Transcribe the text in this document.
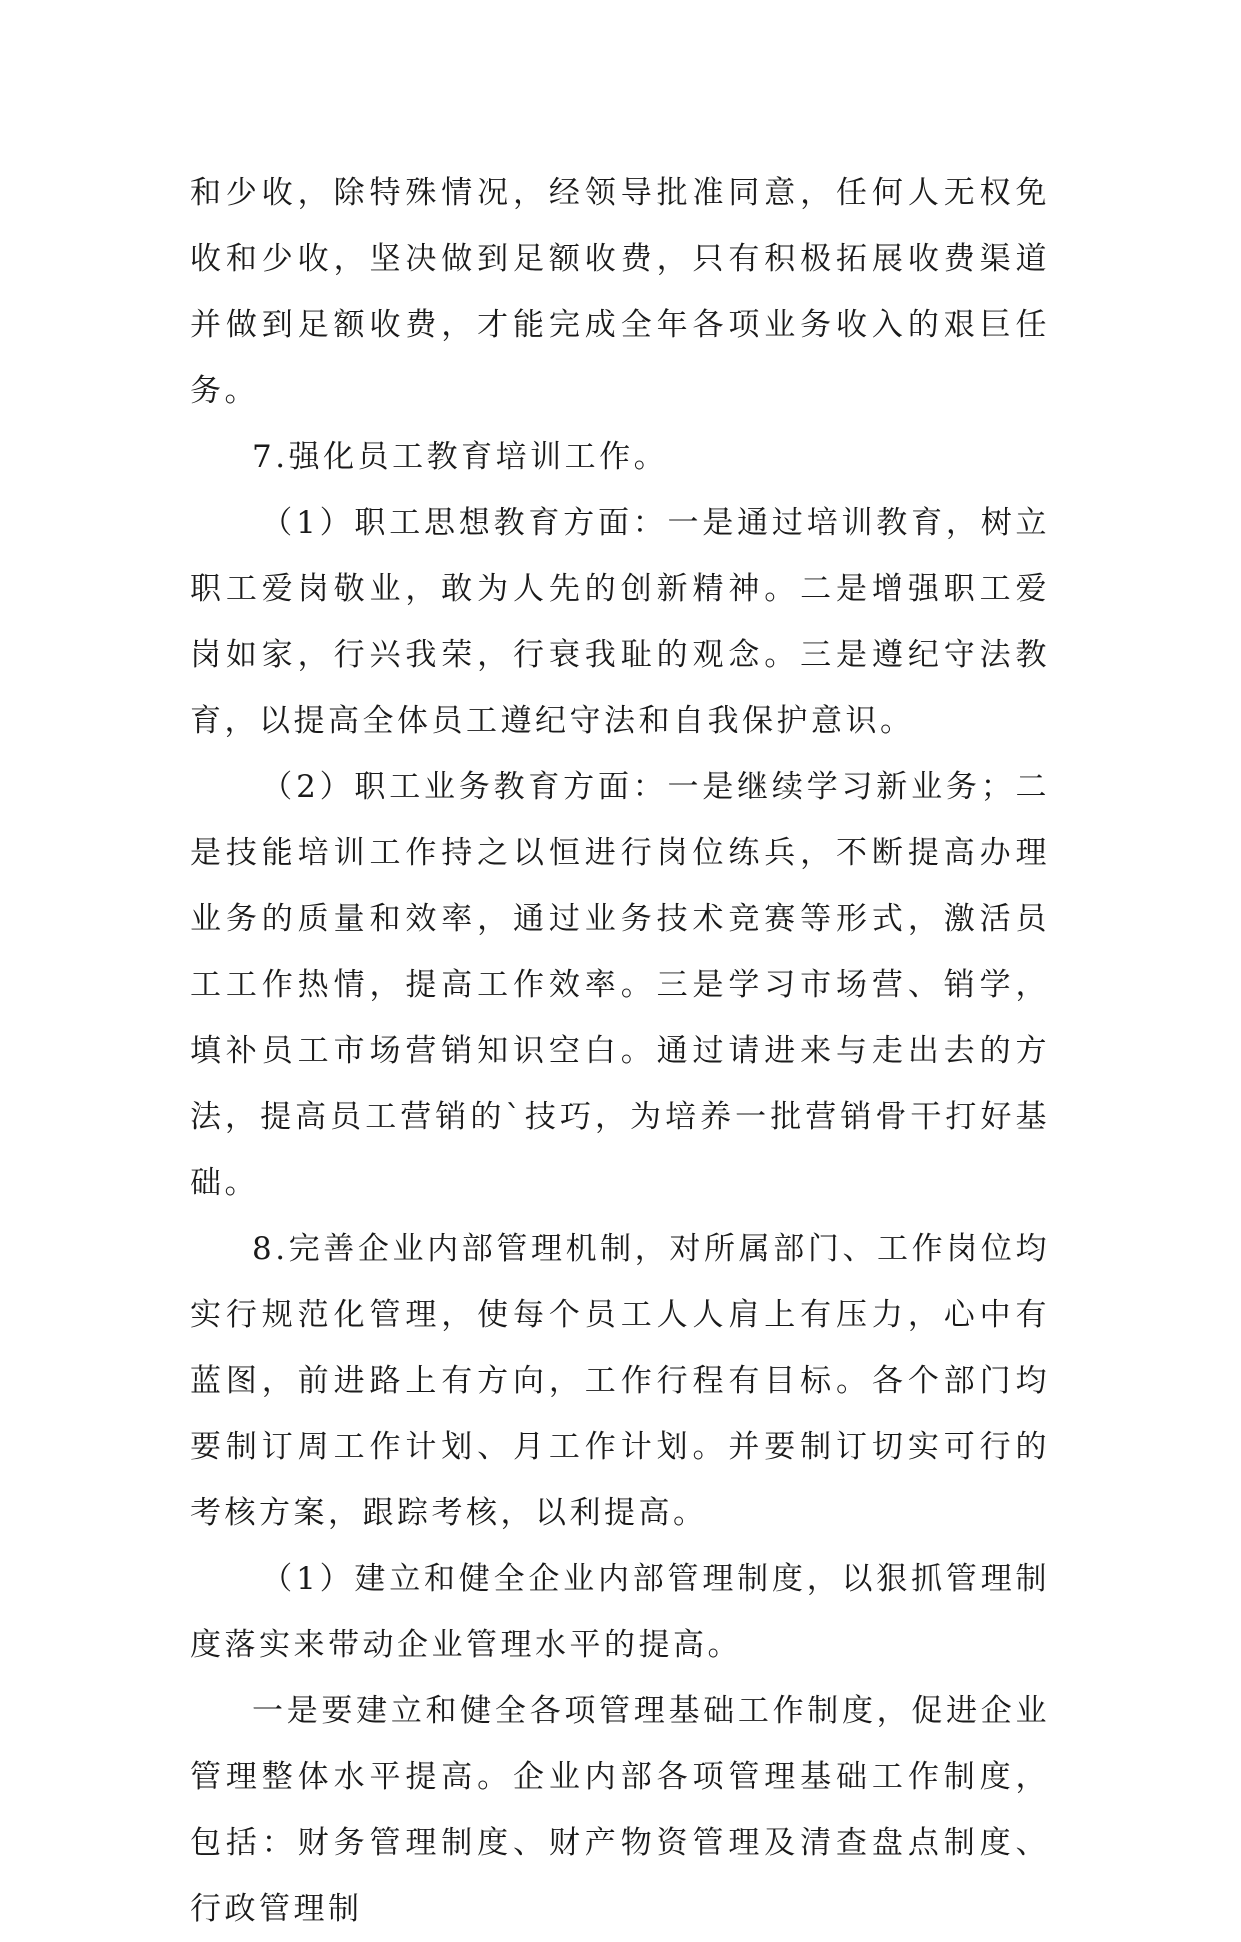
和少收，除特殊情况，经领导批准同意，任何人无权免收和少收，坚决做到足额收费，只有积极拓展收费渠道并做到足额收费，才能完成全年各项业务收入的艰巨任务。

7.强化员工教育培训工作。

（1）职工思想教育方面：一是通过培训教育，树立职工爱岗敬业，敢为人先的创新精神。二是增强职工爱岗如家，行兴我荣，行衰我耻的观念。三是遵纪守法教育，以提高全体员工遵纪守法和自我保护意识。

（2）职工业务教育方面：一是继续学习新业务；二是技能培训工作持之以恒进行岗位练兵，不断提高办理业务的质量和效率，通过业务技术竞赛等形式，激活员工工作热情，提高工作效率。三是学习市场营、销学，填补员工市场营销知识空白。通过请进来与走出去的方法，提高员工营销的`技巧，为培养一批营销骨干打好基础。

8.完善企业内部管理机制，对所属部门、工作岗位均实行规范化管理，使每个员工人人肩上有压力，心中有蓝图，前进路上有方向，工作行程有目标。各个部门均要制订周工作计划、月工作计划。并要制订切实可行的考核方案，跟踪考核，以利提高。

（1）建立和健全企业内部管理制度，以狠抓管理制度落实来带动企业管理水平的提高。

一是要建立和健全各项管理基础工作制度，促进企业管理整体水平提高。企业内部各项管理基础工作制度，包括：财务管理制度、财产物资管理及清查盘点制度、行政管理制
